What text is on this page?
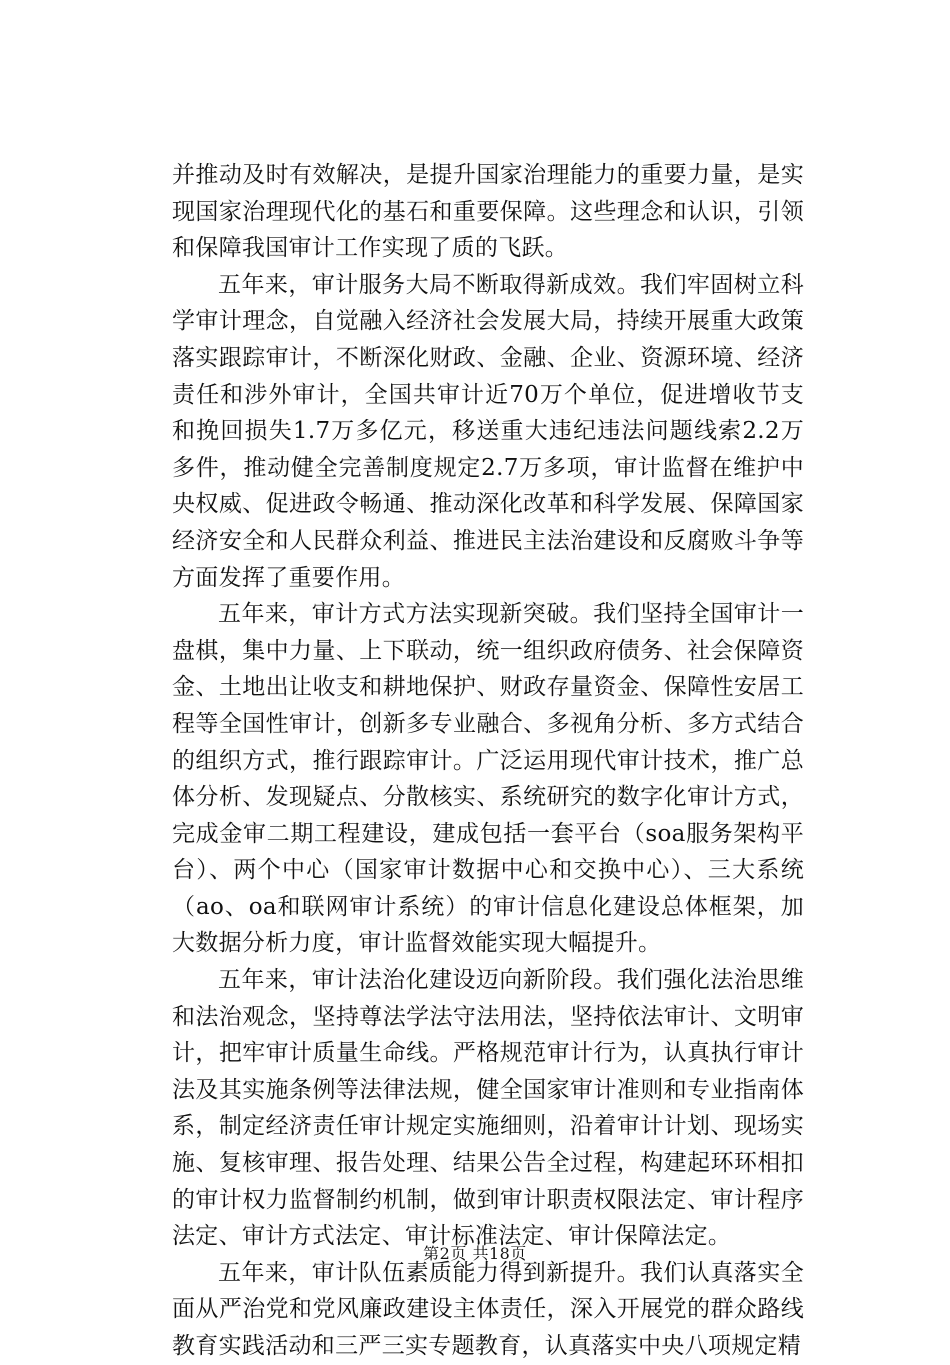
并推动及时有效解决，是提升国家治理能力的重要力量，是实现国家治理现代化的基石和重要保障。这些理念和认识，引领和保障我国审计工作实现了质的飞跃。

五年来，审计服务大局不断取得新成效。我们牢固树立科学审计理念，自觉融入经济社会发展大局，持续开展重大政策落实跟踪审计，不断深化财政、金融、企业、资源环境、经济责任和涉外审计，全国共审计近70万个单位，促进增收节支和挽回损失1.7万多亿元，移送重大违纪违法问题线索2.2万多件，推动健全完善制度规定2.7万多项，审计监督在维护中央权威、促进政令畅通、推动深化改革和科学发展、保障国家经济安全和人民群众利益、推进民主法治建设和反腐败斗争等方面发挥了重要作用。

五年来，审计方式方法实现新突破。我们坚持全国审计一盘棋，集中力量、上下联动，统一组织政府债务、社会保障资金、土地出让收支和耕地保护、财政存量资金、保障性安居工程等全国性审计，创新多专业融合、多视角分析、多方式结合的组织方式，推行跟踪审计。广泛运用现代审计技术，推广总体分析、发现疑点、分散核实、系统研究的数字化审计方式，完成金审二期工程建设，建成包括一套平台（soa服务架构平台）、两个中心（国家审计数据中心和交换中心）、三大系统（ao、oa和联网审计系统）的审计信息化建设总体框架，加大数据分析力度，审计监督效能实现大幅提升。

五年来，审计法治化建设迈向新阶段。我们强化法治思维和法治观念，坚持尊法学法守法用法，坚持依法审计、文明审计，把牢审计质量生命线。严格规范审计行为，认真执行审计法及其实施条例等法律法规，健全国家审计准则和专业指南体系，制定经济责任审计规定实施细则，沿着审计计划、现场实施、复核审理、报告处理、结果公告全过程，构建起环环相扣的审计权力监督制约机制，做到审计职责权限法定、审计程序法定、审计方式法定、审计标准法定、审计保障法定。

五年来，审计队伍素质能力得到新提升。我们认真落实全面从严治党和党风廉政建设主体责任，深入开展党的群众路线教育实践活动和三严三实专题教育，认真落实中央八项规定精

第2页 共18页
